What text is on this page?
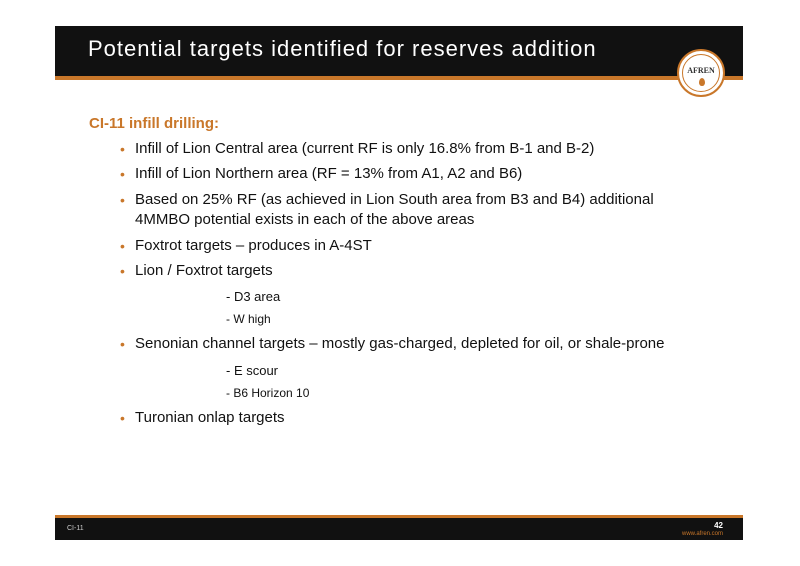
Potential targets identified for reserves addition
AFREN
CI-11 infill drilling:
• Infill of Lion Central area (current RF is only 16.8% from B-1 and B-2)
• Infill of Lion Northern area (RF = 13% from A1, A2 and B6)
• Based on 25% RF (as achieved in Lion South area from B3 and B4) additional 4MMBO potential exists in each of the above areas
• Foxtrot targets – produces in A-4ST
• Lion / Foxtrot targets
- D3 area
- W high
• Senonian channel targets – mostly gas-charged, depleted for oil, or shale-prone
- E scour
- B6 Horizon 10
• Turonian onlap targets
CI-11	42
www.afren.com
